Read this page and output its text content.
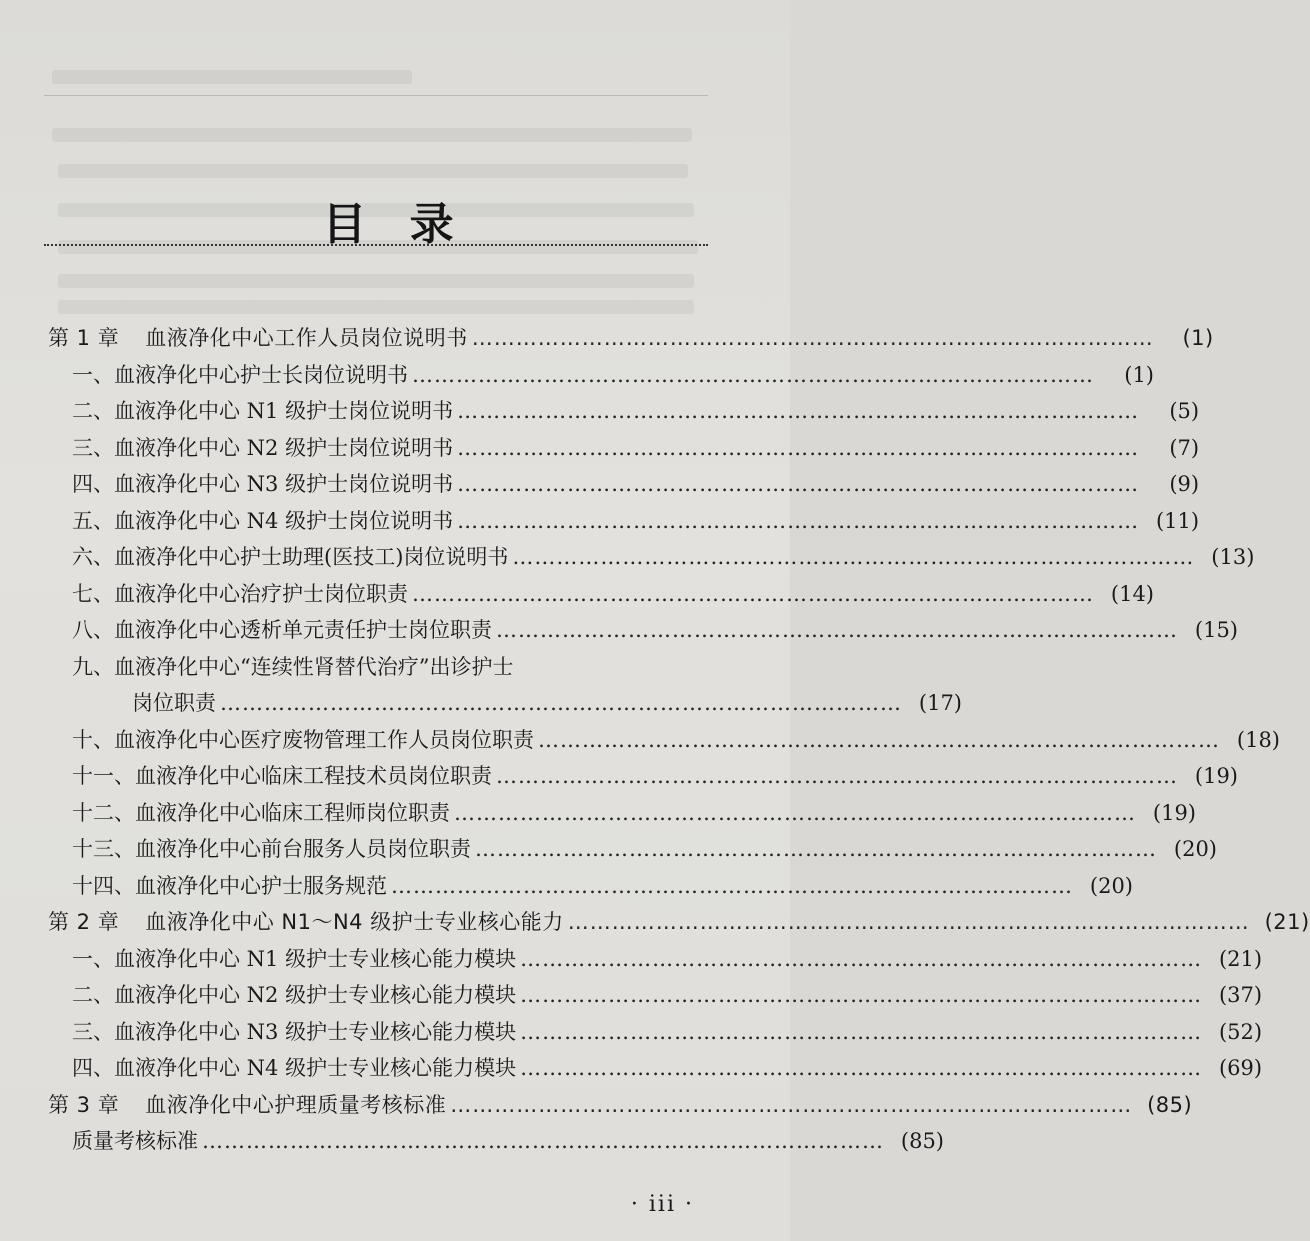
目 录
第 1 章 血液净化中心工作人员岗位说明书 …………………………………………………………………………………	(1)
一、血液净化中心护士长岗位说明书 …………………………………………………………………………………	(1)
二、血液净化中心 N1 级护士岗位说明书 …………………………………………………………………………………	(5)
三、血液净化中心 N2 级护士岗位说明书 …………………………………………………………………………………	(7)
四、血液净化中心 N3 级护士岗位说明书 …………………………………………………………………………………	(9)
五、血液净化中心 N4 级护士岗位说明书 ………………………………………………………………………………… (11)
六、血液净化中心护士助理(医技工)岗位说明书 ………………………………………………………………………………… (13)
七、血液净化中心治疗护士岗位职责 ………………………………………………………………………………… (14)
八、血液净化中心透析单元责任护士岗位职责 ………………………………………………………………………………… (15)
九、血液净化中心“连续性肾替代治疗”出诊护士
岗位职责 ………………………………………………………………………………… (17)
十、血液净化中心医疗废物管理工作人员岗位职责 ………………………………………………………………………………… (18)
十一、血液净化中心临床工程技术员岗位职责 ………………………………………………………………………………… (19)
十二、血液净化中心临床工程师岗位职责 ………………………………………………………………………………… (19)
十三、血液净化中心前台服务人员岗位职责 ………………………………………………………………………………… (20)
十四、血液净化中心护士服务规范 ………………………………………………………………………………… (20)
第 2 章 血液净化中心 N1～N4 级护士专业核心能力 ………………………………………………………………………………… (21)
一、血液净化中心 N1 级护士专业核心能力模块 ………………………………………………………………………………… (21)
二、血液净化中心 N2 级护士专业核心能力模块 ………………………………………………………………………………… (37)
三、血液净化中心 N3 级护士专业核心能力模块 ………………………………………………………………………………… (52)
四、血液净化中心 N4 级护士专业核心能力模块 ………………………………………………………………………………… (69)
第 3 章 血液净化中心护理质量考核标准 ………………………………………………………………………………… (85)
质量考核标准 ………………………………………………………………………………… (85)
· iii ·
